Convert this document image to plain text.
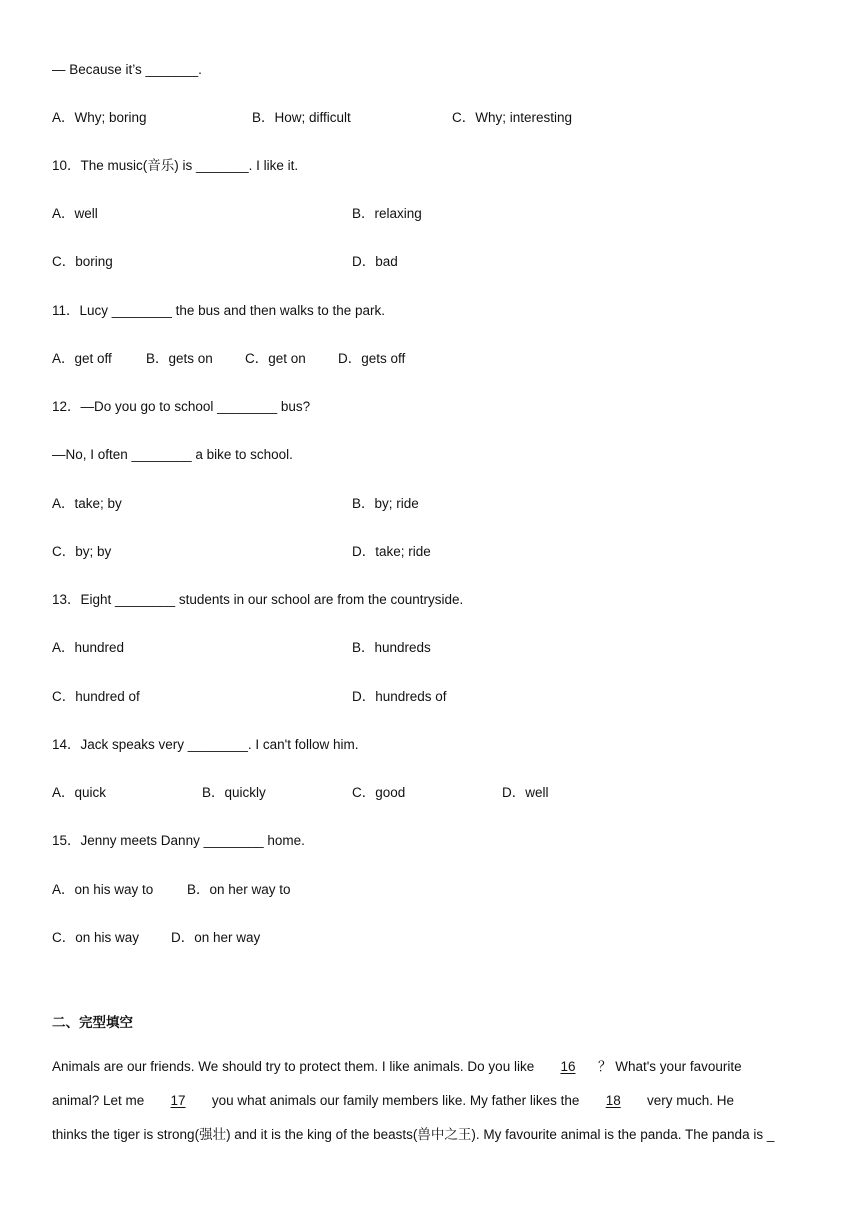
— Because it’s _______.
A．Why; boring	B．How; difficult	C．Why; interesting
10．The music(音乐) is _______. I like it.
A．well	B．relaxing
C．boring	D．bad
11．Lucy ________ the bus and then walks to the park.
A．get off	B．gets on C．get on D．gets off
12．—Do you go to school ________ bus?
—No, I often ________ a bike to school.
A．take; by	B．by; ride
C．by; by	D．take; ride
13．Eight ________ students in our school are from the countryside.
A．hundred	B．hundreds
C．hundred of	D．hundreds of
14．Jack speaks very ________. I can't follow him.
A．quick	B．quickly	C．good	D．well
15．Jenny meets Danny ________ home.
A．on his way to B．on her way to
C．on his way D．on her way
二、完型填空
Animals are our friends. We should try to protect them. I like animals. Do you like 16 ？ What's your favourite
animal? Let me 17 you what animals our family members like. My father likes the 18 very much. He
thinks the tiger is strong(强壮) and it is the king of the beasts(兽中之王). My favourite animal is the panda. The panda is _
